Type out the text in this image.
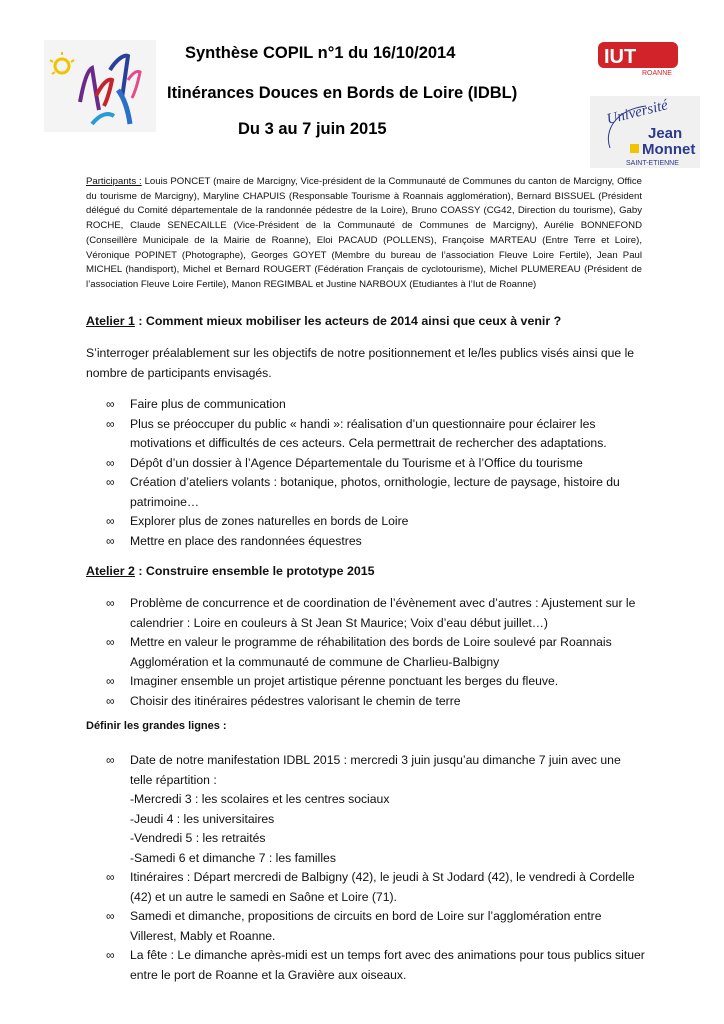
IUT
ROANNE
Université
Jean
Monnet
SAINT-ETIENNE
Synthèse COPIL n°1 du 16/10/2014
Itinérances Douces en Bords de Loire (IDBL)
Du 3 au 7 juin 2015
Participants : Louis PONCET (maire de Marcigny, Vice-président de la Communauté de Communes du canton de Marcigny, Office du tourisme de Marcigny), Maryline CHAPUIS (Responsable Tourisme à Roannais agglomération), Bernard BISSUEL (Président délégué du Comité départementale de la randonnée pédestre de la Loire), Bruno COASSY (CG42, Direction du tourisme), Gaby ROCHE, Claude SENECAILLE (Vice-Président de la Communauté de Communes de Marcigny), Aurélie BONNEFOND (Conseillère Municipale de la Mairie de Roanne), Eloi PACAUD (POLLENS), Françoise MARTEAU (Entre Terre et Loire), Véronique POPINET (Photographe), Georges GOYET (Membre du bureau de l’association Fleuve Loire Fertile), Jean Paul MICHEL (handisport), Michel et Bernard ROUGERT (Fédération Français de cyclotourisme), Michel PLUMEREAU (Président de l’association Fleuve Loire Fertile), Manon REGIMBAL et Justine NARBOUX (Etudiantes à l’Iut de Roanne)
Atelier 1 : Comment mieux mobiliser les acteurs de 2014 ainsi que ceux à venir ?
S’interroger préalablement sur les objectifs de notre positionnement et le/les publics visés ainsi que le nombre de participants envisagés.
∞ Faire plus de communication
∞ Plus se préoccuper du public « handi »: réalisation d’un questionnaire pour éclairer les motivations et difficultés de ces acteurs. Cela permettrait de rechercher des adaptations.
∞ Dépôt d’un dossier à l’Agence Départementale du Tourisme et à l’Office du tourisme
∞ Création d’ateliers volants : botanique, photos, ornithologie, lecture de paysage, histoire du patrimoine…
∞ Explorer plus de zones naturelles en bords de Loire
∞ Mettre en place des randonnées équestres
Atelier 2 : Construire ensemble le prototype 2015
∞ Problème de concurrence et de coordination de l’évènement avec d’autres : Ajustement sur le calendrier : Loire en couleurs à St Jean St Maurice; Voix d’eau début juillet…)
∞ Mettre en valeur le programme de réhabilitation des bords de Loire soulevé par Roannais Agglomération et la communauté de commune de Charlieu-Balbigny
∞ Imaginer ensemble un projet artistique pérenne ponctuant les berges du fleuve.
∞ Choisir des itinéraires pédestres valorisant le chemin de terre
Définir les grandes lignes :
∞ Date de notre manifestation IDBL 2015 : mercredi 3 juin jusqu’au dimanche 7 juin avec une telle répartition :
-Mercredi 3 : les scolaires et les centres sociaux
-Jeudi 4 : les universitaires
-Vendredi 5 : les retraités
-Samedi 6 et dimanche 7 : les familles
∞ Itinéraires : Départ mercredi de Balbigny (42), le jeudi à St Jodard (42), le vendredi à Cordelle (42) et un autre le samedi en Saône et Loire (71).
∞ Samedi et dimanche, propositions de circuits en bord de Loire sur l’agglomération entre Villerest, Mably et Roanne.
∞ La fête : Le dimanche après-midi est un temps fort avec des animations pour tous publics situer entre le port de Roanne et la Gravière aux oiseaux.
